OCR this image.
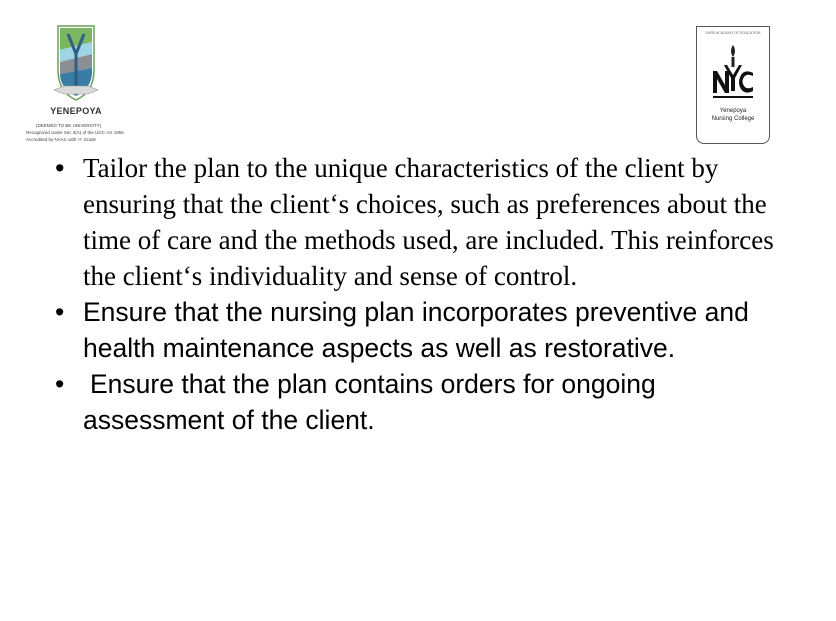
YENEPOYA
(DEEMED TO BE UNIVERSITY)
Recognized under Sec 3(A) of the UGC Act 1956
Accredited by NAAC with 'A' Grade
SURE ACADEMY OF EDUCATION
Yenepoya
Nursing College
• Tailor the plan to the unique characteristics of the client by ensuring that the client‘s choices, such as preferences about the time of care and the methods used, are included. This reinforces the client‘s individuality and sense of control.
• Ensure that the nursing plan incorporates preventive and health maintenance aspects as well as restorative.
• Ensure that the plan contains orders for ongoing assessment of the client.
